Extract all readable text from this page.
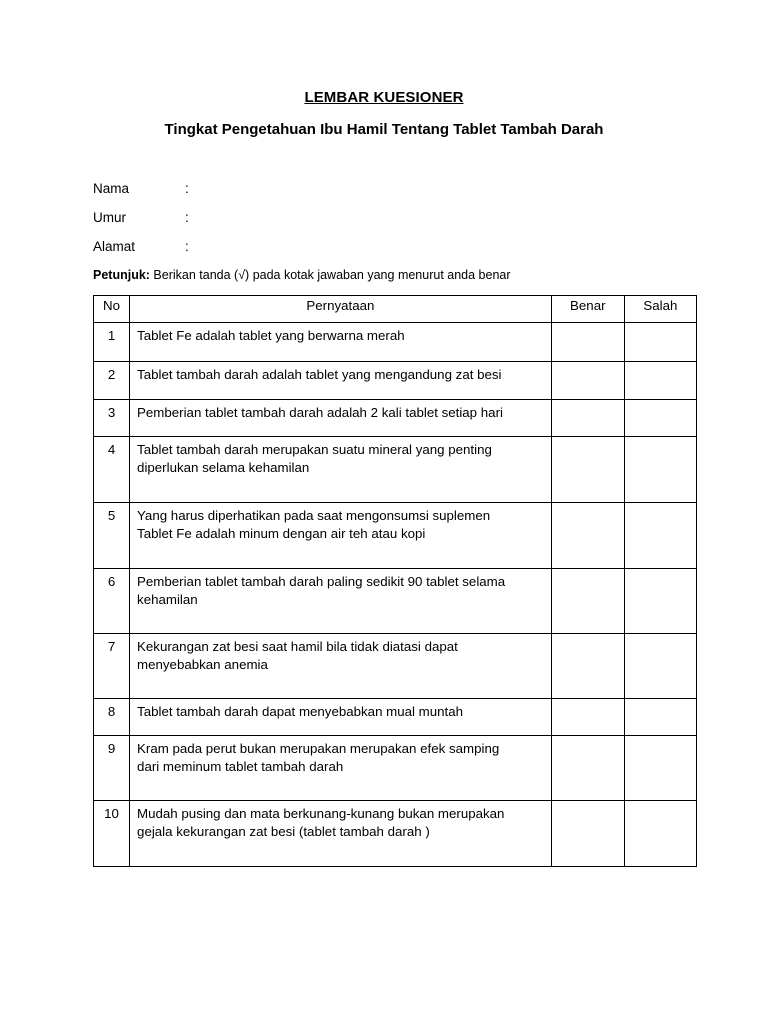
LEMBAR KUESIONER
Tingkat Pengetahuan Ibu Hamil Tentang Tablet Tambah Darah
Nama	:
Umur	:
Alamat	:
Petunjuk: Berikan tanda (√) pada kotak jawaban yang menurut anda benar
No	Pernyataan	Benar	Salah
1	Tablet Fe adalah tablet yang berwarna merah		

2	Tablet tambah darah adalah tablet yang mengandung zat besi		

3	Pemberian tablet tambah darah adalah 2 kali tablet setiap hari		

4	Tablet tambah darah merupakan suatu mineral yang penting
diperlukan selama kehamilan		

5	Yang harus diperhatikan pada saat mengonsumsi suplemen
Tablet Fe adalah minum dengan air teh atau kopi		

6	Pemberian tablet tambah darah paling sedikit 90 tablet selama
kehamilan		

7	Kekurangan zat besi saat hamil bila tidak diatasi dapat
menyebabkan anemia		

8	Tablet tambah darah dapat menyebabkan mual muntah		

9	Kram pada perut bukan merupakan merupakan efek samping
dari meminum tablet tambah darah		

10	Mudah pusing dan mata berkunang-kunang bukan merupakan
gejala kekurangan zat besi (tablet tambah darah )		
